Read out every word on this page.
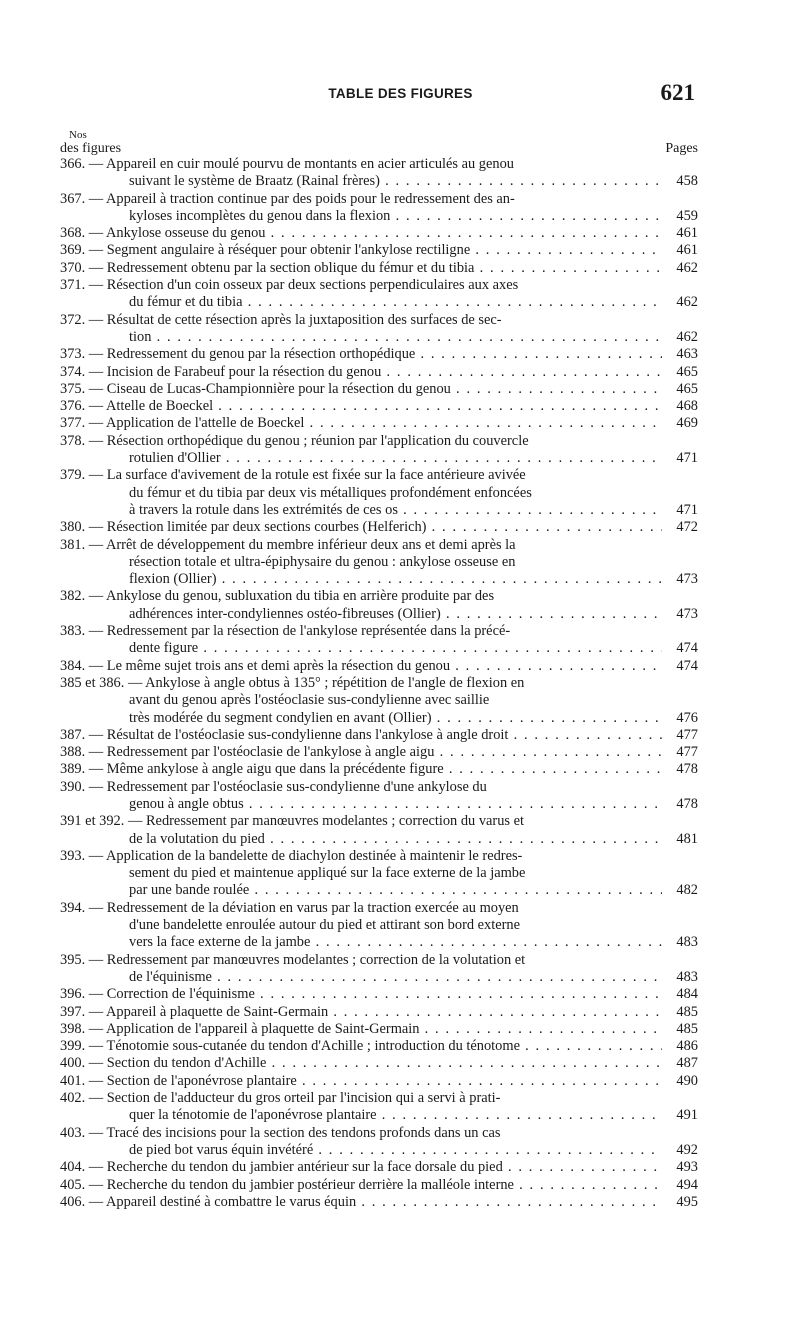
TABLE DES FIGURES	621
Nos
des figures	Pages
366. — Appareil en cuir moulé pourvu de montants en acier articulés au genou
suivant le système de Braatz (Rainal frères) . . .	458
367. — Appareil à traction continue par des poids pour le redressement des an-
kyloses incomplètes du genou dans la flexion . . .	459
368. — Ankylose osseuse du genou . . .	461
369. — Segment angulaire à réséquer pour obtenir l'ankylose rectiligne . . .	461
370. — Redressement obtenu par la section oblique du fémur et du tibia . . .	462
371. — Résection d'un coin osseux par deux sections perpendiculaires aux axes
du fémur et du tibia . . .	462
372. — Résultat de cette résection après la juxtaposition des surfaces de sec-
tion . . .	462
373. — Redressement du genou par la résection orthopédique . . .	463
374. — Incision de Farabeuf pour la résection du genou . . .	465
375. — Ciseau de Lucas-Championnière pour la résection du genou . . .	465
376. — Attelle de Boeckel . . .	468
377. — Application de l'attelle de Boeckel . . .	469
378. — Résection orthopédique du genou ; réunion par l'application du couvercle
rotulien d'Ollier . . .	471
379. — La surface d'avivement de la rotule est fixée sur la face antérieure avivée
du fémur et du tibia par deux vis métalliques profondément enfoncées
à travers la rotule dans les extrémités de ces os . . .	471
380. — Résection limitée par deux sections courbes (Helferich) . . .	472
381. — Arrêt de développement du membre inférieur deux ans et demi après la
résection totale et ultra-épiphysaire du genou : ankylose osseuse en
flexion (Ollier) . . .	473
382. — Ankylose du genou, subluxation du tibia en arrière produite par des
adhérences inter-condyliennes ostéo-fibreuses (Ollier) . . .	473
383. — Redressement par la résection de l'ankylose représentée dans la précé-
dente figure . . .	474
384. — Le même sujet trois ans et demi après la résection du genou . . .	474
385 et 386. — Ankylose à angle obtus à 135° ; répétition de l'angle de flexion en
avant du genou après l'ostéoclasie sus-condylienne avec saillie
très modérée du segment condylien en avant (Ollier) . . .	476
387. — Résultat de l'ostéoclasie sus-condylienne dans l'ankylose à angle droit . . .	477
388. — Redressement par l'ostéoclasie de l'ankylose à angle aigu . . .	477
389. — Même ankylose à angle aigu que dans la précédente figure . . .	478
390. — Redressement par l'ostéoclasie sus-condylienne d'une ankylose du
genou à angle obtus . . .	478
391 et 392. — Redressement par manœuvres modelantes ; correction du varus et
de la volutation du pied . . .	481
393. — Application de la bandelette de diachylon destinée à maintenir le redres-
sement du pied et maintenue appliqué sur la face externe de la jambe
par une bande roulée . . .	482
394. — Redressement de la déviation en varus par la traction exercée au moyen
d'une bandelette enroulée autour du pied et attirant son bord externe
vers la face externe de la jambe . . .	483
395. — Redressement par manœuvres modelantes ; correction de la volutation et
de l'équinisme . . .	483
396. — Correction de l'équinisme . . .	484
397. — Appareil à plaquette de Saint-Germain . . .	485
398. — Application de l'appareil à plaquette de Saint-Germain . . .	485
399. — Ténotomie sous-cutanée du tendon d'Achille ; introduction du ténotome . . .	486
400. — Section du tendon d'Achille . . .	487
401. — Section de l'aponévrose plantaire . . .	490
402. — Section de l'adducteur du gros orteil par l'incision qui a servi à prati-
quer la ténotomie de l'aponévrose plantaire . . .	491
403. — Tracé des incisions pour la section des tendons profonds dans un cas
de pied bot varus équin invétéré . . .	492
404. — Recherche du tendon du jambier antérieur sur la face dorsale du pied . . .	493
405. — Recherche du tendon du jambier postérieur derrière la malléole interne . . .	494
406. — Appareil destiné à combattre le varus équin . . .	495
